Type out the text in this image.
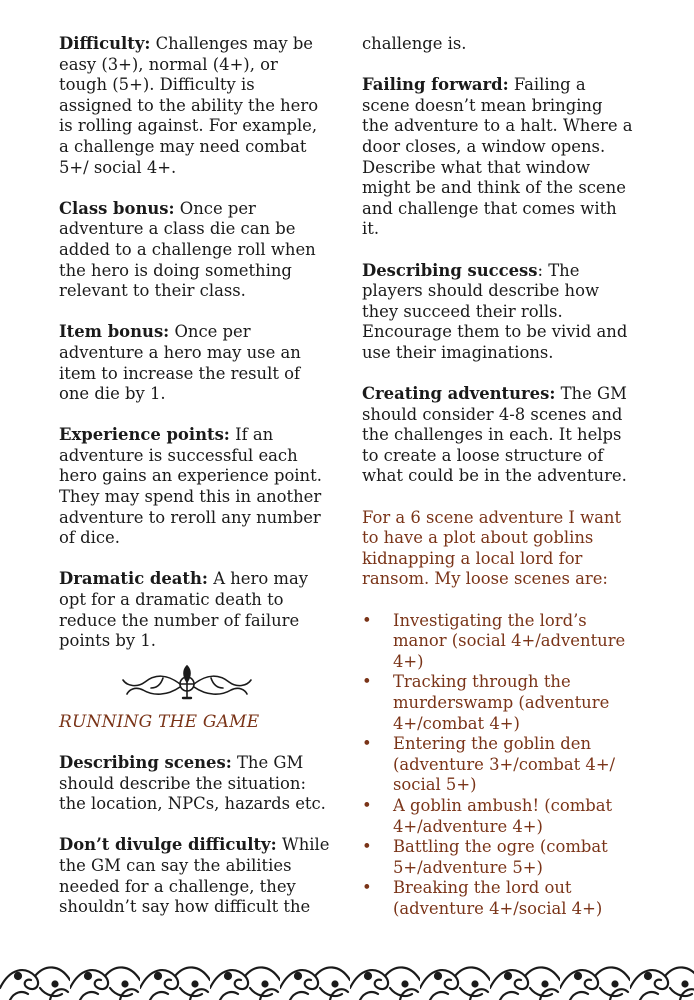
Difficulty: Challenges may be easy (3+), normal (4+), or tough (5+). Difficulty is assigned to the ability the hero is rolling against. For example, a challenge may need combat 5+/ social 4+.

Class bonus: Once per adventure a class die can be added to a challenge roll when the hero is doing something relevant to their class.

Item bonus: Once per adventure a hero may use an item to increase the result of one die by 1.

Experience points: If an adventure is successful each hero gains an experience point. They may spend this in another adventure to reroll any number of dice.

Dramatic death: A hero may opt for a dramatic death to reduce the number of failure points by 1.

RUNNING THE GAME

Describing scenes: The GM should describe the situation: the location, NPCs, hazards etc.

Don’t divulge difficulty: While the GM can say the abilities needed for a challenge, they shouldn’t say how difficult the

challenge is.

Failing forward: Failing a scene doesn’t mean bringing the adventure to a halt. Where a door closes, a window opens. Describe what that window might be and think of the scene and challenge that comes with it.

Describing success: The players should describe how they succeed their rolls. Encourage them to be vivid and use their imaginations.

Creating adventures: The GM should consider 4-8 scenes and the challenges in each. It helps to create a loose structure of what could be in the adventure.

For a 6 scene adventure I want to have a plot about goblins kidnapping a local lord for ransom. My loose scenes are:

• Investigating the lord’s manor (social 4+/adventure 4+)
• Tracking through the murderswamp (adventure 4+/combat 4+)
• Entering the goblin den (adventure 3+/combat 4+/ social 5+)
• A goblin ambush! (combat 4+/adventure 4+)
• Battling the ogre (combat 5+/adventure 5+)
• Breaking the lord out (adventure 4+/social 4+)
